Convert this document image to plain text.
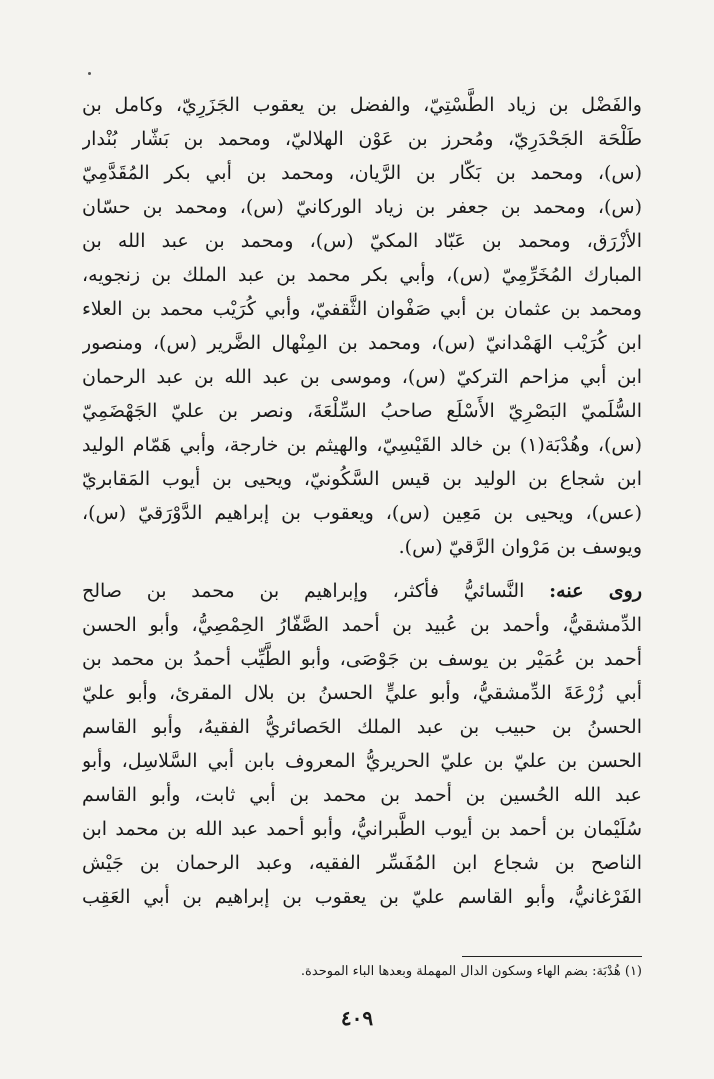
والفَضْل بن زياد الطَّسْتِيّ، والفضل بن يعقوب الجَزَرِيّ، وكامل بن
طَلْحَة الجَحْدَرِيّ، ومُحرز بن عَوْن الهلاليّ، ومحمد بن بَشّار بُنْدار
(س)، ومحمد بن بَكّار بن الرَّيان، ومحمد بن أبي بكر المُقَدَّمِيّ
(س)، ومحمد بن جعفر بن زياد الوركانيّ (س)، ومحمد بن حسّان
الأزْرَق، ومحمد بن عَبّاد المكيّ (س)، ومحمد بن عبد الله بن
المبارك المُخَرِّمِيّ (س)، وأبي بكر محمد بن عبد الملك بن زنجويه،
ومحمد بن عثمان بن أبي صَفْوان الثَّقفيّ، وأبي كُرَيْب محمد بن العلاء
ابن كُرَيْب الهَمْدانيّ (س)، ومحمد بن المِنْهال الضَّرير (س)، ومنصور
ابن أبي مزاحم التركيّ (س)، وموسى بن عبد الله بن عبد الرحمان
السُّلَميّ البَصْرِيّ الأَسْلَع صاحبُ السِّلْعَةَ، ونصر بن عليّ الجَهْضَمِيّ
(س)، وهُدْبَة(١) بن خالد القَيْسِيّ، والهيثم بن خارجة، وأبي هَمّام الوليد
ابن شجاع بن الوليد بن قيس السَّكُونيّ، ويحيى بن أيوب المَقابريّ
(عس)، ويحيى بن مَعِين (س)، ويعقوب بن إبراهيم الدَّوْرَقيّ (س)،
ويوسف بن مَرْوان الرَّقيّ (س).
روى عنه: النَّسائيُّ فأكثر، وإبراهيم بن محمد بن صالح
الدِّمشقيُّ، وأحمد بن عُبيد بن أحمد الصَّفّارُ الحِمْصِيُّ، وأبو الحسن
أحمد بن عُمَيْر بن يوسف بن جَوْصَى، وأبو الطَّيِّب أحمدُ بن محمد بن
أبي زُرْعَةَ الدِّمشقيُّ، وأبو عليٍّ الحسنُ بن بلال المقرئ، وأبو عليّ
الحسنُ بن حبيب بن عبد الملك الحَصائريُّ الفقيهُ، وأبو القاسم
الحسن بن عليّ بن عليّ الحريريُّ المعروف بابن أبي السَّلاسِل، وأبو
عبد الله الحُسين بن أحمد بن محمد بن أبي ثابت، وأبو القاسم
سُلَيْمان بن أحمد بن أيوب الطَّبرانيُّ، وأبو أحمد عبد الله بن محمد ابن
الناصح بن شجاع ابن المُفَسِّر الفقيه، وعبد الرحمان بن جَيْش
الفَرْغانيُّ، وأبو القاسم عليّ بن يعقوب بن إبراهيم بن أبي العَقِب
(١) هُدْبَة: بضم الهاء وسكون الدال المهملة وبعدها الباء الموحدة.
٤٠٩
